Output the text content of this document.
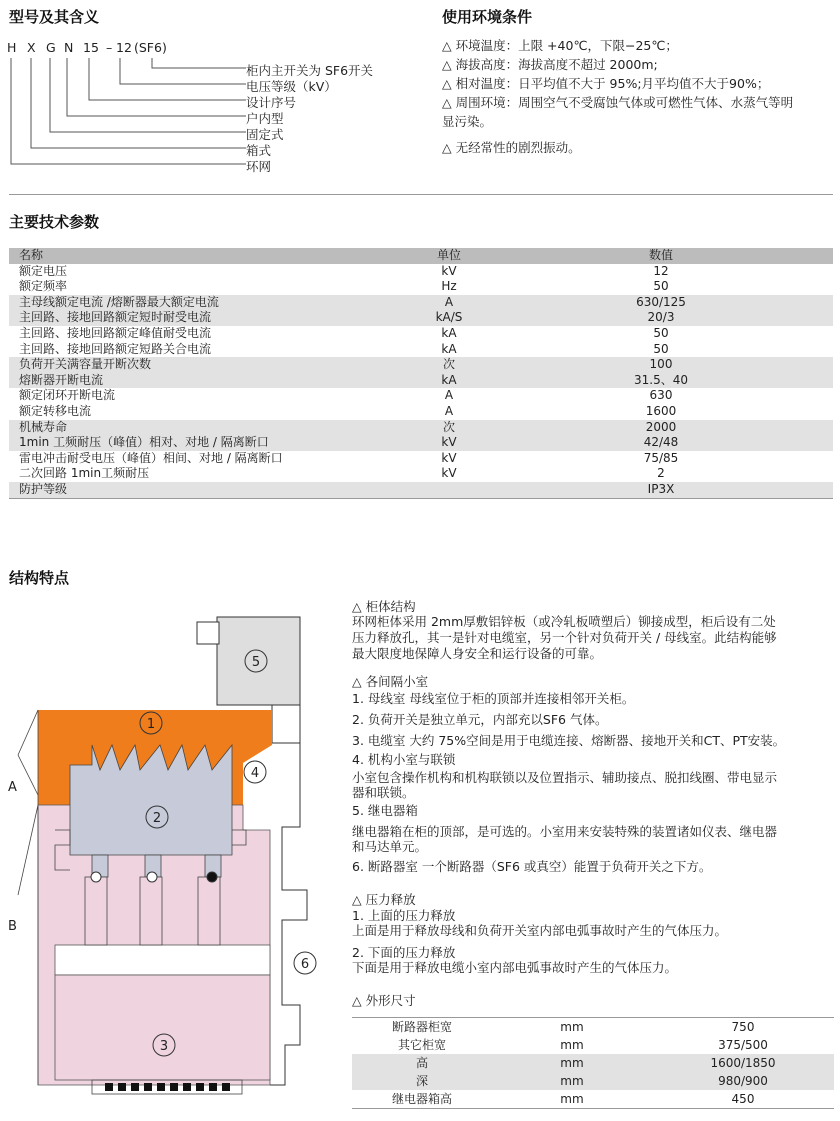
型号及其含义
H X G N 15 – 12 (SF6)
柜内主开关为 SF6开关
电压等级（kV）
设计序号
户内型
固定式
箱式
环网
使用环境条件
△ 环境温度：上限 +40℃，下限−25℃；
△ 海拔高度：海拔高度不超过 2000m;
△ 相对温度：日平均值不大于 95%;月平均值不大于90%；
△ 周围环境：周围空气不受腐蚀气体或可燃性气体、水蒸气等明
显污染。
△ 无经常性的剧烈振动。
主要技术参数
名称	单位	数值
额定电压	kV	12
额定频率	Hz	50
主母线额定电流 /熔断器最大额定电流	A	630/125
主回路、接地回路额定短时耐受电流	kA/S	20/3
主回路、接地回路额定峰值耐受电流	kA	50
主回路、接地回路额定短路关合电流	kA	50
负荷开关满容量开断次数	次	100
熔断器开断电流	kA	31.5、40
额定闭环开断电流	A	630
额定转移电流	A	1600
机械寿命	次	2000
1min 工频耐压（峰值）相对、对地 / 隔离断口	kV	42/48
雷电冲击耐受电压（峰值）相间、对地 / 隔离断口	kV	75/85
二次回路 1min工频耐压	kV	2
防护等级		IP3X
结构特点
1
2
3
4
5
6
A
B
△ 柜体结构
环网柜体采用 2mm厚敷铝锌板（或冷轧板喷塑后）铆接成型，柜后设有二处
压力释放孔，其一是针对电缆室，另一个针对负荷开关 / 母线室。此结构能够
最大限度地保障人身安全和运行设备的可靠。
△ 各间隔小室
1. 母线室 母线室位于柜的顶部并连接相邻开关柜。
2. 负荷开关是独立单元，内部充以SF6 气体。
3. 电缆室 大约 75%空间是用于电缆连接、熔断器、接地开关和CT、PT安装。
4. 机构小室与联锁
小室包含操作机构和机构联锁以及位置指示、辅助接点、脱扣线圈、带电显示
器和联锁。
5. 继电器箱
继电器箱在柜的顶部，是可选的。小室用来安装特殊的装置诸如仪表、继电器
和马达单元。
6. 断路器室 一个断路器（SF6 或真空）能置于负荷开关之下方。
△ 压力释放
1. 上面的压力释放
上面是用于释放母线和负荷开关室内部电弧事故时产生的气体压力。
2. 下面的压力释放
下面是用于释放电缆小室内部电弧事故时产生的气体压力。
△ 外形尺寸
断路器柜宽	mm	750
其它柜宽	mm	375/500
高	mm	1600/1850
深	mm	980/900
继电器箱高	mm	450
